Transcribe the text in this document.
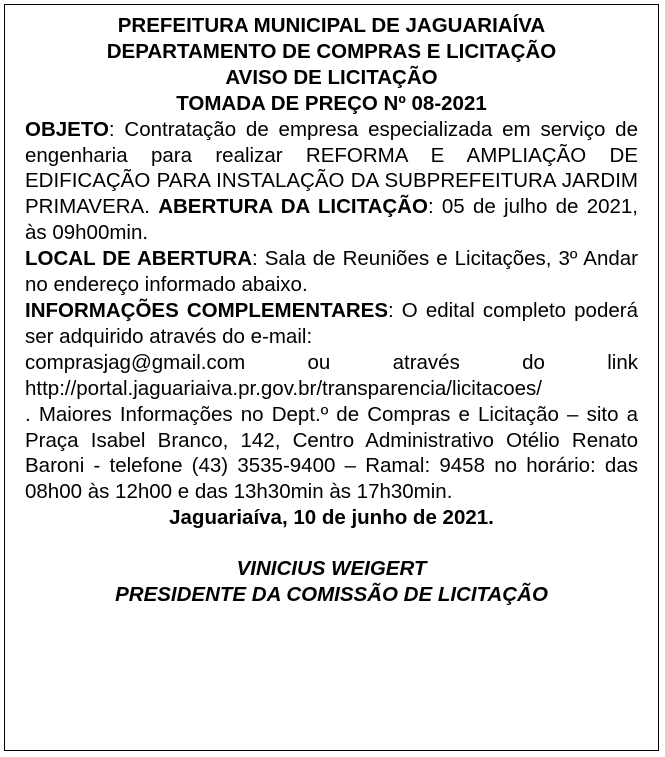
PREFEITURA MUNICIPAL DE JAGUARIAÍVA
DEPARTAMENTO DE COMPRAS E LICITAÇÃO
AVISO DE LICITAÇÃO
TOMADA DE PREÇO Nº 08-2021
OBJETO: Contratação de empresa especializada em serviço de engenharia para realizar REFORMA E AMPLIAÇÃO DE EDIFICAÇÃO PARA INSTALAÇÃO DA SUBPREFEITURA JARDIM PRIMAVERA. ABERTURA DA LICITAÇÃO: 05 de julho de 2021, às 09h00min.
LOCAL DE ABERTURA: Sala de Reuniões e Licitações, 3º Andar no endereço informado abaixo.
INFORMAÇÕES COMPLEMENTARES: O edital completo poderá ser adquirido através do e-mail:
comprasjag@gmail.com	ou	através	do	link
http://portal.jaguariaiva.pr.gov.br/transparencia/licitacoes/
. Maiores Informações no Dept.º de Compras e Licitação – sito a Praça Isabel Branco, 142, Centro Administrativo Otélio Renato Baroni - telefone (43) 3535-9400 – Ramal: 9458 no horário: das 08h00 às 12h00 e das 13h30min às 17h30min.
Jaguariaíva, 10 de junho de 2021.
VINICIUS WEIGERT
PRESIDENTE DA COMISSÃO DE LICITAÇÃO
